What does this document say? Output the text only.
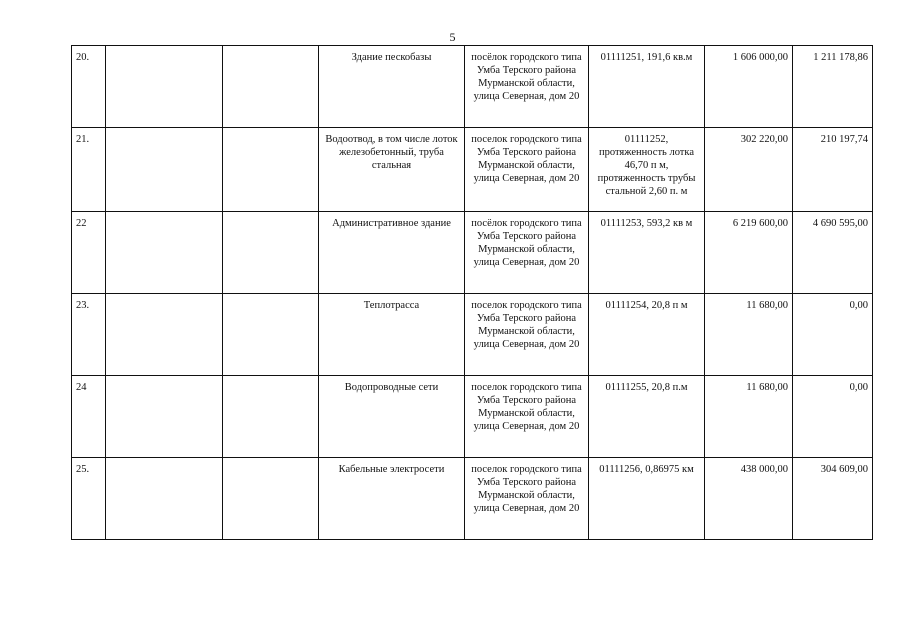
5
20.			Здание пескобазы	посёлок городского типа Умба Терского района Мурманской области, улица Северная, дом 20	01111251, 191,6 кв.м	1 606 000,00	1 211 178,86
21.			Водоотвод, в том числе лоток железобетонный, труба стальная	поселок городского типа Умба Терского района Мурманской области, улица Северная, дом 20	01111252, протяженность лотка 46,70 п м, протяженность трубы стальной 2,60 п. м	302 220,00	210 197,74
22			Административное здание	посёлок городского типа Умба Терского района Мурманской области, улица Северная, дом 20	01111253, 593,2 кв м	6 219 600,00	4 690 595,00
23.			Теплотрасса	поселок городского типа Умба Терского района Мурманской области, улица Северная, дом 20	01111254, 20,8 п м	11 680,00	0,00
24			Водопроводные сети	поселок городского типа Умба Терского района Мурманской области, улица Северная, дом 20	01111255, 20,8 п.м	11 680,00	0,00
25.			Кабельные электросети	поселок городского типа Умба Терского района Мурманской области, улица Северная, дом 20	01111256, 0,86975 км	438 000,00	304 609,00
